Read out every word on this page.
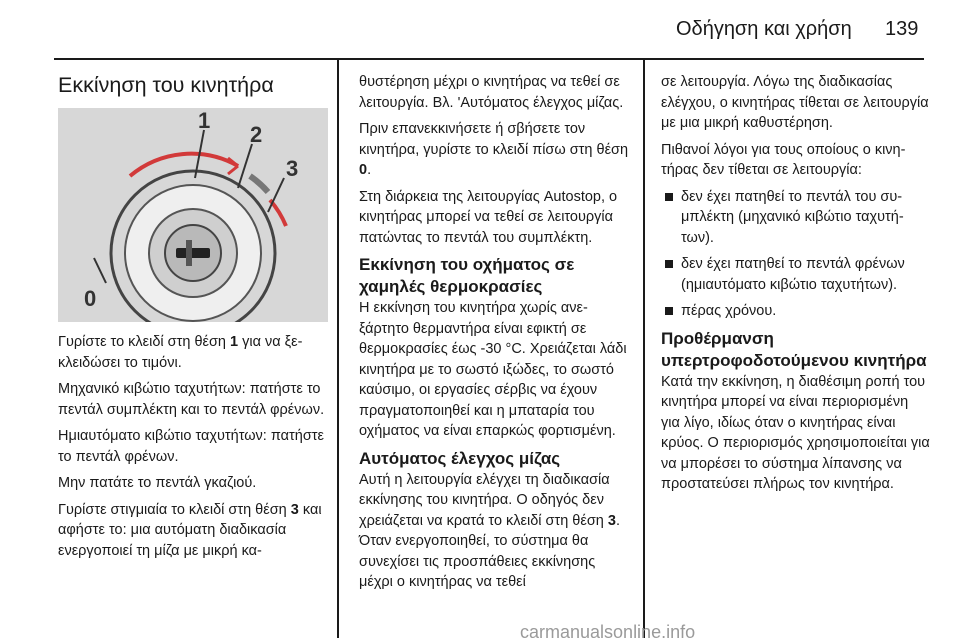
Οδήγηση και χρήση 139
Εκκίνηση του κινητήρα
1
2
3
0

Γυρίστε το κλειδί στη θέση 1 για να ξεκλειδώσει το τιμόνι.

Μηχανικό κιβώτιο ταχυτήτων: πατήστε το πεντάλ συμπλέκτη και το πεντάλ φρένων.

Ημιαυτόματο κιβώτιο ταχυτήτων: πατήστε το πεντάλ φρένων.

Μην πατάτε το πεντάλ γκαζιού.

Γυρίστε στιγμιαία το κλειδί στη θέση 3 και αφήστε το: μια αυτόματη διαδικασία ενεργοποιεί τη μίζα με μικρή κα-

θυστέρηση μέχρι ο κινητήρας να τεθεί σε λειτουργία. Βλ. 'Αυτόματος έλεγχος μίζας.

Πριν επανεκκινήσετε ή σβήσετε τον κινητήρα, γυρίστε το κλειδί πίσω στη θέση 0.

Στη διάρκεια της λειτουργίας Autostop, ο κινητήρας μπορεί να τεθεί σε λειτουργία πατώντας το πεντάλ του συμπλέκτη.

Εκκίνηση του οχήματος σε χαμηλές θερμοκρασίες

Η εκκίνηση του κινητήρα χωρίς ανεξάρτητο θερμαντήρα είναι εφικτή σε θερμοκρασίες έως -30 °C. Χρειάζεται λάδι κινητήρα με το σωστό ιξώδες, το σωστό καύσιμο, οι εργασίες σέρβις να έχουν πραγματοποιηθεί και η μπαταρία του οχήματος να είναι επαρκώς φορτισμένη.

Αυτόματος έλεγχος μίζας

Αυτή η λειτουργία ελέγχει τη διαδικασία εκκίνησης του κινητήρα. Ο οδηγός δεν χρειάζεται να κρατά το κλειδί στη θέση 3. Όταν ενεργοποιηθεί, το σύστημα θα συνεχίσει τις προσπάθειες εκκίνησης μέχρι ο κινητήρας να τεθεί

σε λειτουργία. Λόγω της διαδικασίας ελέγχου, ο κινητήρας τίθεται σε λειτουργία με μια μικρή καθυστέρηση.

Πιθανοί λόγοι για τους οποίους ο κινητήρας δεν τίθεται σε λειτουργία:

δεν έχει πατηθεί το πεντάλ του συμπλέκτη (μηχανικό κιβώτιο ταχυτήτων).
δεν έχει πατηθεί το πεντάλ φρένων (ημιαυτόματο κιβώτιο ταχυτήτων).
πέρας χρόνου.
Προθέρμανση υπερτροφοδοτούμενου κινητήρα

Κατά την εκκίνηση, η διαθέσιμη ροπή του κινητήρα μπορεί να είναι περιορισμένη για λίγο, ιδίως όταν ο κινητήρας είναι κρύος. Ο περιορισμός χρησιμοποιείται για να μπορέσει το σύστημα λίπανσης να προστατεύσει πλήρως τον κινητήρα.

carmanualsonline.info
